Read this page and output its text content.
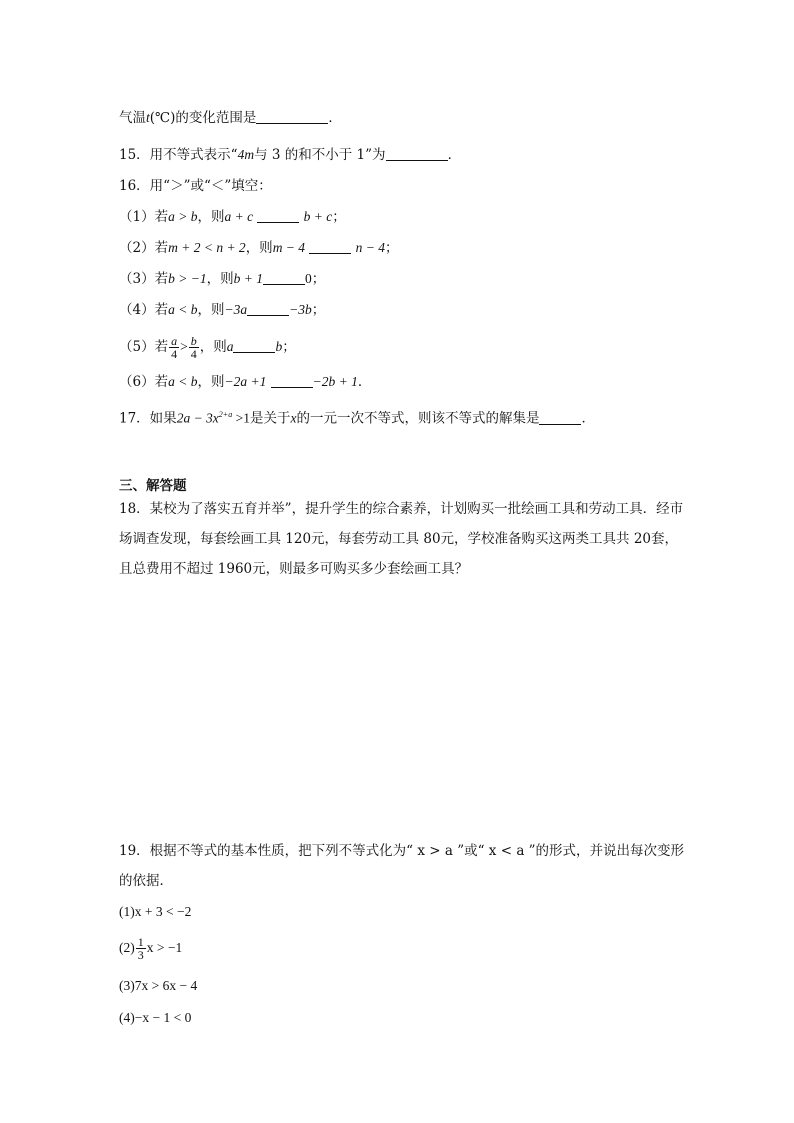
气温t(℃)的变化范围是	．
15．用不等式表示“4m与 3 的和不小于 1”为	．
16．用“＞”或“＜”填空：
（1）若a > b，则a + c	b + c；
（2）若m + 2 < n + 2，则m − 4	n − 4；
（3）若b > −1，则b + 1	0；
（4）若a < b，则−3a	−3b；
（5）若 $\frac{a}{4} > \frac{b}{4}$ ，则a	b；
（6）若a < b，则−2a +1	−2b + 1．
17．如果$2a - 3x^{2+a} >1$是关于x的一元一次不等式，则该不等式的解集是	．
三、解答题
18．某校为了落实五育并举”，提升学生的综合素养，计划购买一批绘画工具和劳动工具．经市场调查发现，每套绘画工具 120元，每套劳动工具 80元，学校准备购买这两类工具共 20套，且总费用不超过 1960元，则最多可购买多少套绘画工具？
19．根据不等式的基本性质，把下列不等式化为“ x > a ”或“ x < a ”的形式，并说出每次变形的依据．
(1)x + 3 < −2
$(2) \frac{1}{3}$ x > −1
(3)7x > 6x − 4
(4)−x − 1 < 0
